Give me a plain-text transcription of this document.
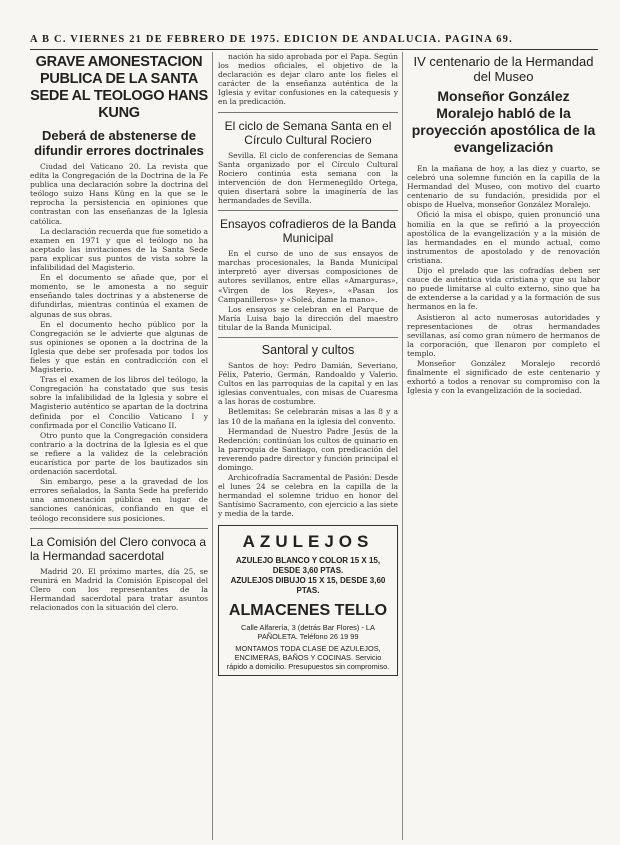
A B C. VIERNES 21 DE FEBRERO DE 1975. EDICION DE ANDALUCIA. PAGINA 69.
GRAVE AMONESTACION PUBLICA DE LA SANTA SEDE AL TEOLOGO HANS KUNG
Deberá de abstenerse de difundir errores doctrinales

Ciudad del Vaticano 20. La revista que edita la Congregación de la Doctrina de la Fe publica una declaración sobre la doctrina del teólogo suizo Hans Küng en la que se le reprocha la persistencia en opiniones que contrastan con las enseñanzas de la Iglesia católica.

La declaración recuerda que fue sometido a examen en 1971 y que el teólogo no ha aceptado las invitaciones de la Santa Sede para explicar sus puntos de vista sobre la infalibilidad del Magisterio.

En el documento se añade que, por el momento, se le amonesta a no seguir enseñando tales doctrinas y a abstenerse de difundirlas, mientras continúa el examen de algunas de sus obras.

En el documento hecho público por la Congregación se le advierte que algunas de sus opiniones se oponen a la doctrina de la Iglesia que debe ser profesada por todos los fieles y que están en contradicción con el Magisterio.

Tras el examen de los libros del teólogo, la Congregación ha constatado que sus tesis sobre la infalibilidad de la Iglesia y sobre el Magisterio auténtico se apartan de la doctrina definida por el Concilio Vaticano I y confirmada por el Concilio Vaticano II.

Otro punto que la Congregación considera contrario a la doctrina de la Iglesia es el que se refiere a la validez de la celebración eucarística por parte de los bautizados sin ordenación sacerdotal.

Sin embargo, pese a la gravedad de los errores señalados, la Santa Sede ha preferido una amonestación pública en lugar de sanciones canónicas, confiando en que el teólogo reconsidere sus posiciones.

La Comisión del Clero convoca a la Hermandad sacerdotal

Madrid 20. El próximo martes, día 25, se reunirá en Madrid la Comisión Episcopal del Clero con los representantes de la Hermandad sacerdotal para tratar asuntos relacionados con la situación del clero.

nación ha sido aprobada por el Papa. Según los medios oficiales, el objetivo de la declaración es dejar claro ante los fieles el carácter de la enseñanza auténtica de la Iglesia y evitar confusiones en la catequesis y en la predicación.

El ciclo de Semana Santa en el Círculo Cultural Rociero

Sevilla. El ciclo de conferencias de Semana Santa organizado por el Círculo Cultural Rociero continúa esta semana con la intervención de don Hermenegildo Ortega, quien disertará sobre la imaginería de las hermandades de Sevilla.

Ensayos cofradieros de la Banda Municipal

En el curso de uno de sus ensayos de marchas procesionales, la Banda Municipal interpretó ayer diversas composiciones de autores sevillanos, entre ellas «Amarguras», «Virgen de los Reyes», «Pasan los Campanilleros» y «Soleá, dame la mano».

Los ensayos se celebran en el Parque de María Luisa bajo la dirección del maestro titular de la Banda Municipal.

Santoral y cultos

Santos de hoy: Pedro Damián, Severiano, Félix, Paterio, Germán, Randoaldo y Valerio. Cultos en las parroquias de la capital y en las iglesias conventuales, con misas de Cuaresma a las horas de costumbre.

Betlemitas: Se celebrarán misas a las 8 y a las 10 de la mañana en la iglesia del convento.

Hermandad de Nuestro Padre Jesús de la Redención: continúan los cultos de quinario en la parroquia de Santiago, con predicación del reverendo padre director y función principal el domingo.

Archicofradía Sacramental de Pasión: Desde el lunes 24 se celebra en la capilla de la hermandad el solemne triduo en honor del Santísimo Sacramento, con ejercicio a las siete y media de la tarde.

AZULEJOS
AZULEJO BLANCO Y COLOR 15 X 15, DESDE 3,60 PTAS.
AZULEJOS DIBUJO 15 X 15, DESDE 3,60 PTAS.
ALMACENES TELLO
Calle Alfarería, 3 (detrás Bar Flores) - LA PAÑOLETA. Teléfono 26 19 99
MONTAMOS TODA CLASE DE AZULEJOS, ENCIMERAS, BAÑOS Y COCINAS. Servicio rápido a domicilio. Presupuestos sin compromiso.
IV centenario de la Hermandad del Museo
Monseñor González Moralejo habló de la proyección apostólica de la evangelización

En la mañana de hoy, a las diez y cuarto, se celebró una solemne función en la capilla de la Hermandad del Museo, con motivo del cuarto centenario de su fundación, presidida por el obispo de Huelva, monseñor González Moralejo.

Ofició la misa el obispo, quien pronunció una homilía en la que se refirió a la proyección apostólica de la evangelización y a la misión de las hermandades en el mundo actual, como instrumentos de apostolado y de renovación cristiana.

Dijo el prelado que las cofradías deben ser cauce de auténtica vida cristiana y que su labor no puede limitarse al culto externo, sino que ha de extenderse a la caridad y a la formación de sus hermanos en la fe.

Asistieron al acto numerosas autoridades y representaciones de otras hermandades sevillanas, así como gran número de hermanos de la corporación, que llenaron por completo el templo.

Monseñor González Moralejo recordó finalmente el significado de este centenario y exhortó a todos a renovar su compromiso con la Iglesia y con la evangelización de la sociedad.
